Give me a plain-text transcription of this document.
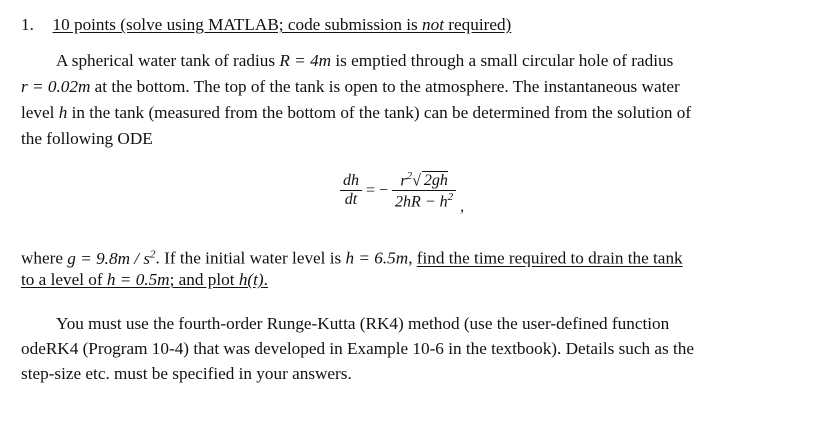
1. 10 points (solve using MATLAB; code submission is not required)
A spherical water tank of radius R = 4m is emptied through a small circular hole of radius
r = 0.02m at the bottom. The top of the tank is open to the atmosphere. The instantaneous water
level h in the tank (measured from the bottom of the tank) can be determined from the solution of
the following ODE
$\frac{dh}{dt}$ = − $\frac{r^2√ 2gh}{2hR - h^2}$ ,
where $g = 9.8m / s^2$. If the initial water level is h = 6.5m, find the time required to drain the tank
to a level of h = 0.5m; and plot h(t).
You must use the fourth-order Runge-Kutta (RK4) method (use the user-defined function
odeRK4 (Program 10-4) that was developed in Example 10-6 in the textbook). Details such as the
step-size etc. must be specified in your answers.
